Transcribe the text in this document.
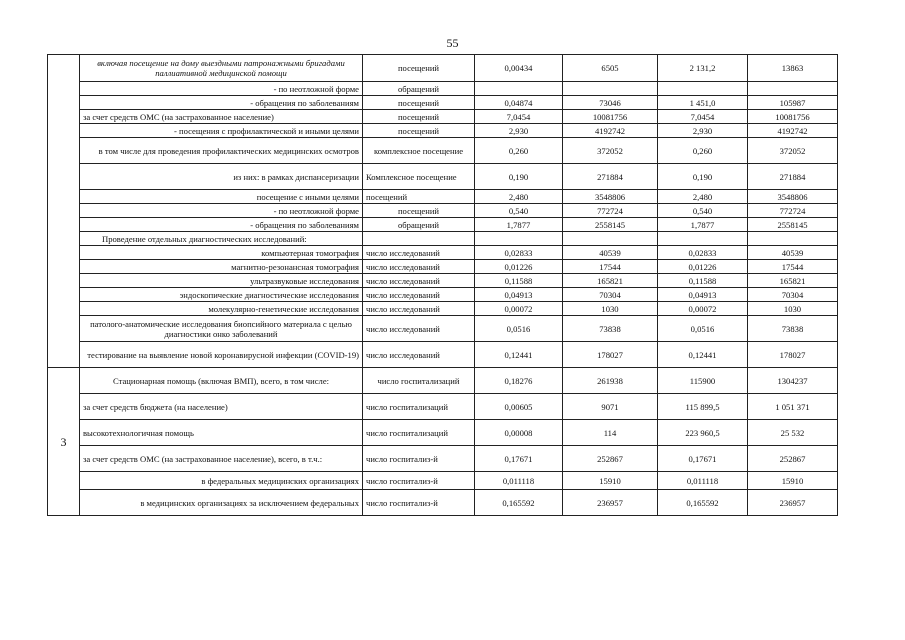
55
	включая посещение на дому выездными патронажными бригадами паллиативной медицинской помощи	посещений	0,00434	6505	2 131,2	13863
	- по неотложной форме	обращений				
	- обращения по заболеваниям	посещений	0,04874	73046	1 451,0	105987
	за счет средств ОМС (на застрахованное население)	посещений	7,0454	10081756	7,0454	10081756
	- посещения с профилактической и иными целями	посещений	2,930	4192742	2,930	4192742
	в том числе для проведения профилактических медицинских осмотров	комплексное посещение	0,260	372052	0,260	372052
	из них: в рамках диспансеризации	Комплексное посещение	0,190	271884	0,190	271884
	посещение с иными целями	посещений	2,480	3548806	2,480	3548806
	- по неотложной форме	посещений	0,540	772724	0,540	772724
	- обращения по заболеваниям	обращений	1,7877	2558145	1,7877	2558145
	Проведение отдельных диагностических исследований:					
	компьютерная томография	число исследований	0,02833	40539	0,02833	40539
	магнитно-резонансная томография	число исследований	0,01226	17544	0,01226	17544
	ультразвуковые исследования	число исследований	0,11588	165821	0,11588	165821
	эндоскопические диагностические исследования	число исследований	0,04913	70304	0,04913	70304
	молекулярно-генетические исследования	число исследований	0,00072	1030	0,00072	1030
	патолого-анатомические исследования биопсийного материала с целью диагностики онко заболеваний	число исследований	0,0516	73838	0,0516	73838
	тестирование на выявление новой коронавирусной инфекции (COVID-19)	число исследований	0,12441	178027	0,12441	178027
3	Стационарная помощь (включая ВМП), всего, в том числе:	число госпитализаций	0,18276	261938	115900	1304237
	за счет средств бюджета (на население)	число госпитализаций	0,00605	9071	115 899,5	1 051 371
	высокотехнологичная помощь	число госпитализаций	0,00008	114	223 960,5	25 532
	за счет средств ОМС (на застрахованное население), всего, в т.ч.:	число госпитализ-й	0,17671	252867	0,17671	252867
	в федеральных медицинских организациях	число госпитализ-й	0,011118	15910	0,011118	15910
	в медицинских организациях за исключением федеральных	число госпитализ-й	0,165592	236957	0,165592	236957
